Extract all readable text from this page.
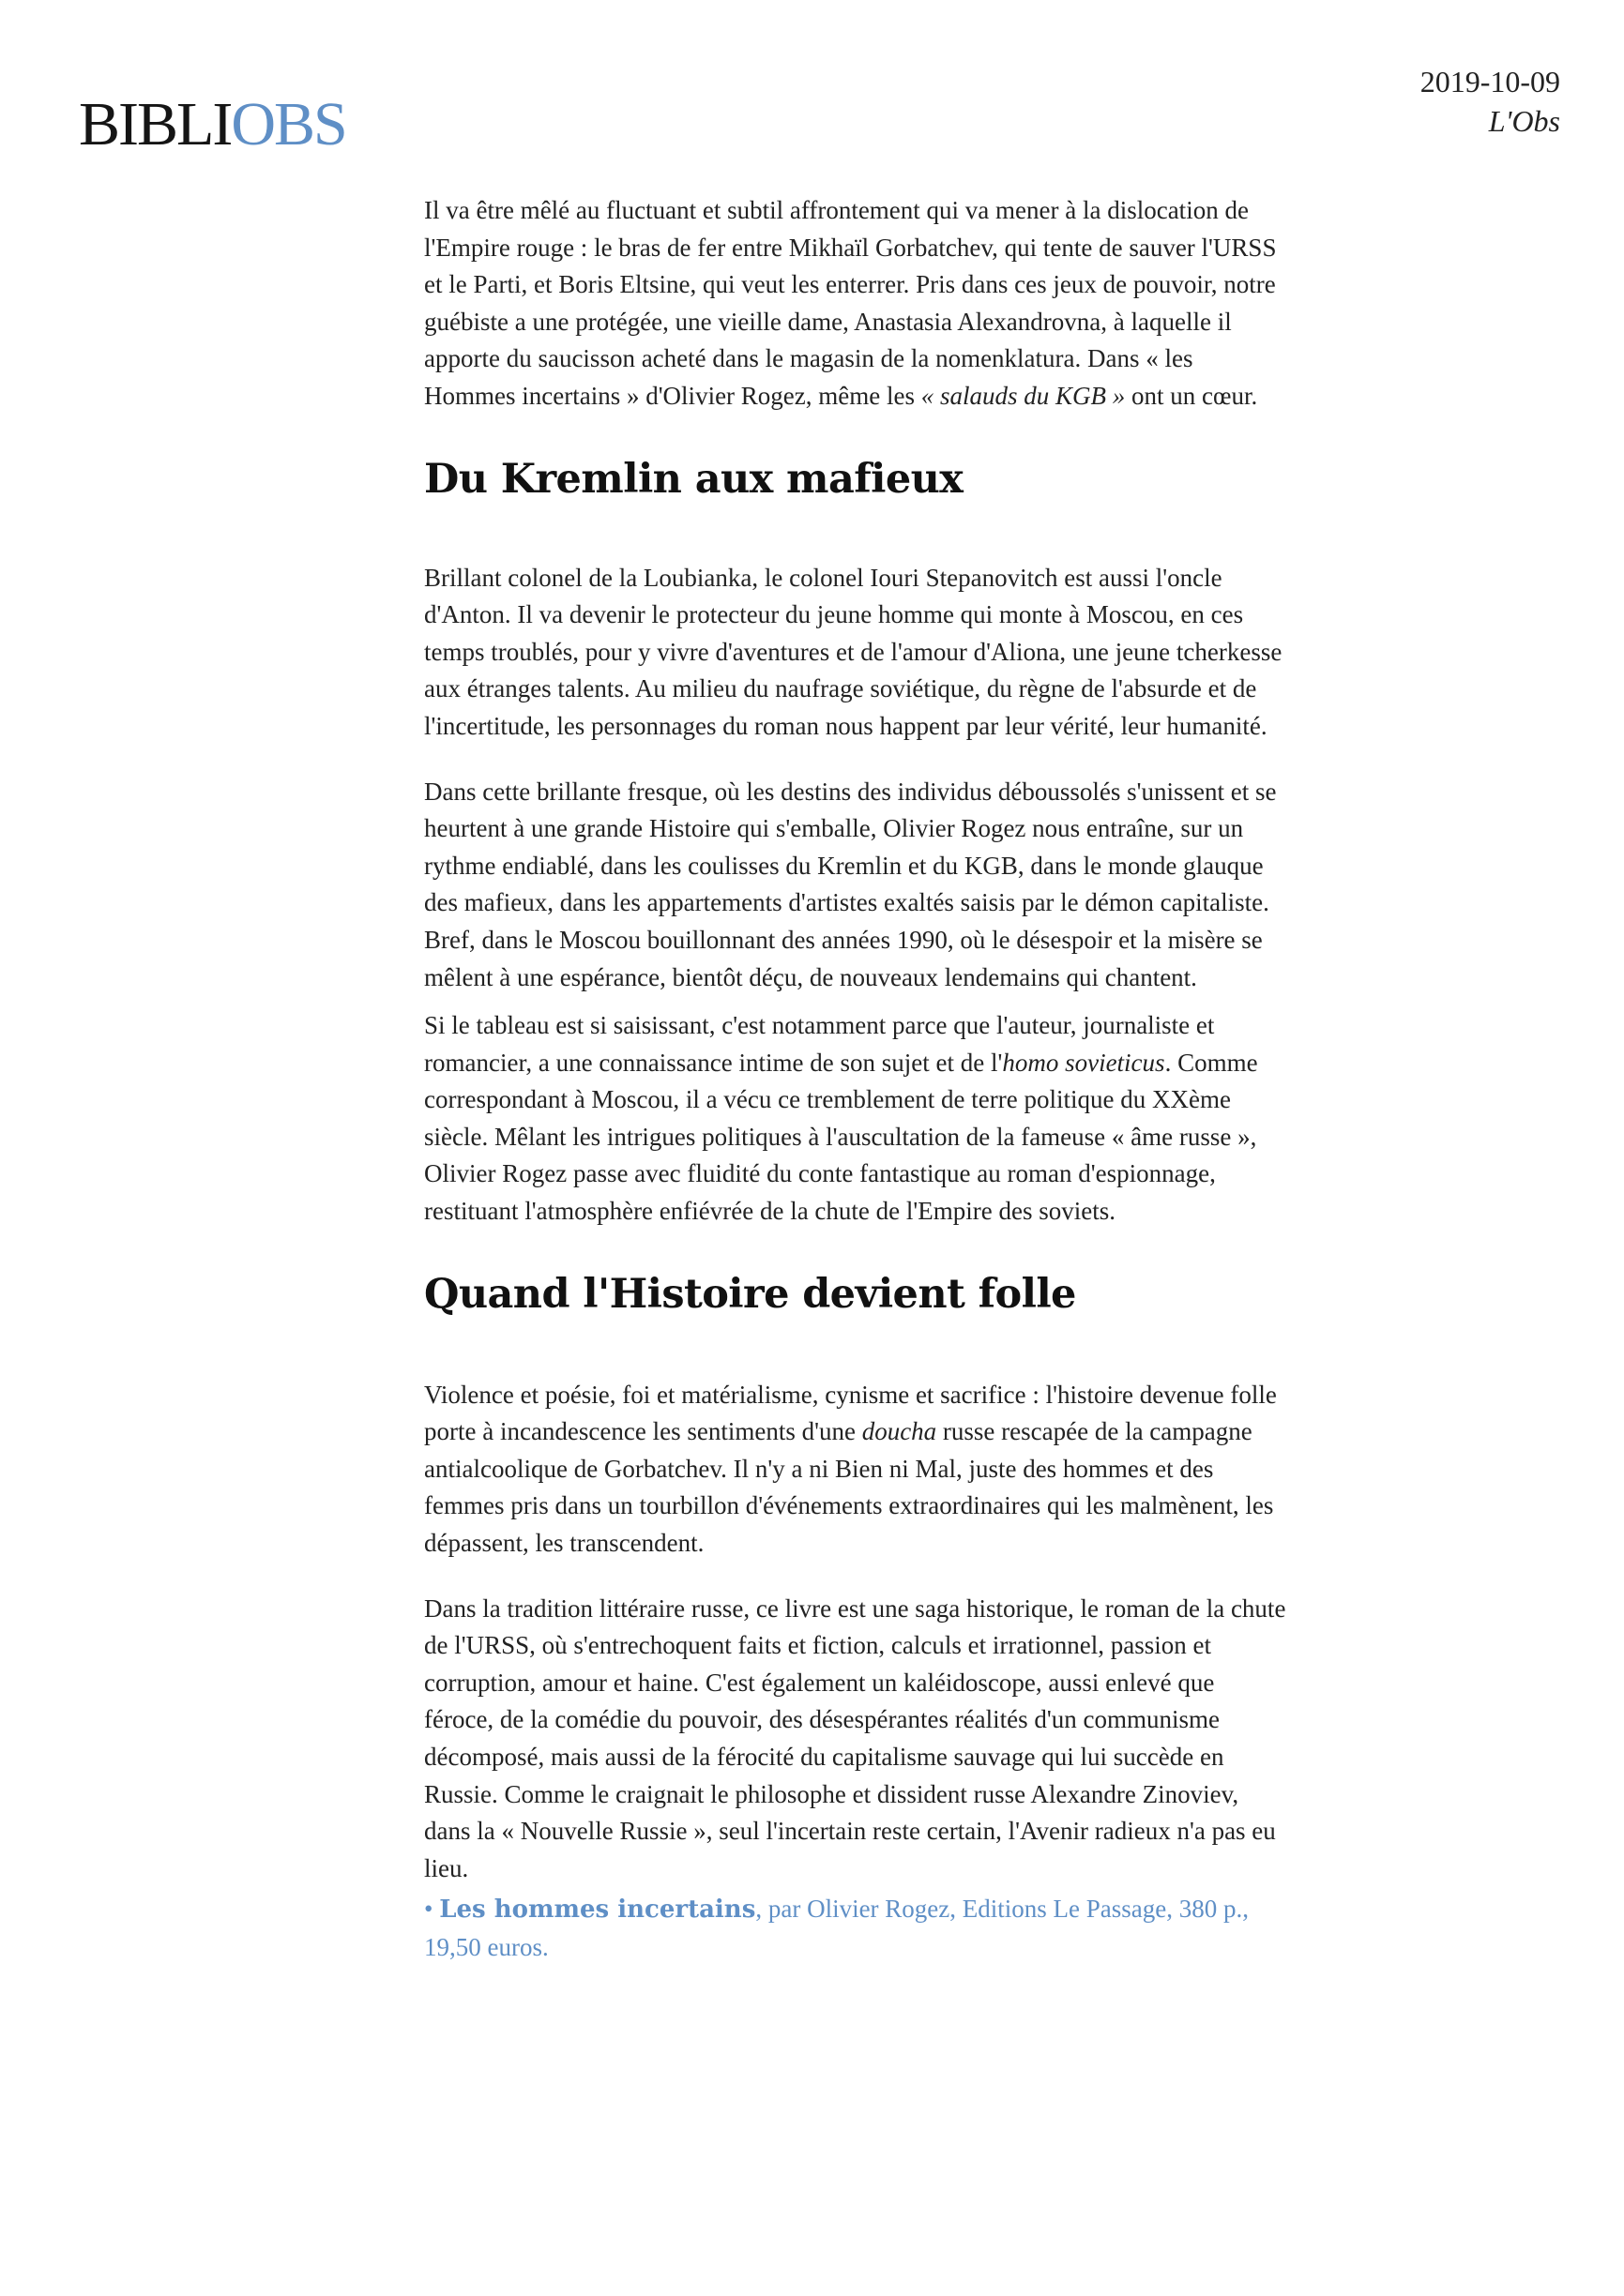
BIBLIOBS
2019-10-09
L'Obs

Il va être mêlé au fluctuant et subtil affrontement qui va mener à la dislocation de l'Empire rouge : le bras de fer entre Mikhaïl Gorbatchev, qui tente de sauver l'URSS et le Parti, et Boris Eltsine, qui veut les enterrer. Pris dans ces jeux de pouvoir, notre guébiste a une protégée, une vieille dame, Anastasia Alexandrovna, à laquelle il apporte du saucisson acheté dans le magasin de la nomenklatura. Dans « les Hommes incertains » d'Olivier Rogez, même les « salauds du KGB » ont un cœur.

Du Kremlin aux mafieux

Brillant colonel de la Loubianka, le colonel Iouri Stepanovitch est aussi l'oncle d'Anton. Il va devenir le protecteur du jeune homme qui monte à Moscou, en ces temps troublés, pour y vivre d'aventures et de l'amour d'Aliona, une jeune tcherkesse aux étranges talents. Au milieu du naufrage soviétique, du règne de l'absurde et de l'incertitude, les personnages du roman nous happent par leur vérité, leur humanité.

Dans cette brillante fresque, où les destins des individus déboussolés s'unissent et se heurtent à une grande Histoire qui s'emballe, Olivier Rogez nous entraîne, sur un rythme endiablé, dans les coulisses du Kremlin et du KGB, dans le monde glauque des mafieux, dans les appartements d'artistes exaltés saisis par le démon capitaliste. Bref, dans le Moscou bouillonnant des années 1990, où le désespoir et la misère se mêlent à une espérance, bientôt déçu, de nouveaux lendemains qui chantent.

Si le tableau est si saisissant, c'est notamment parce que l'auteur, journaliste et romancier, a une connaissance intime de son sujet et de l'homo sovieticus. Comme correspondant à Moscou, il a vécu ce tremblement de terre politique du XXème siècle. Mêlant les intrigues politiques à l'auscultation de la fameuse « âme russe », Olivier Rogez passe avec fluidité du conte fantastique au roman d'espionnage, restituant l'atmosphère enfiévrée de la chute de l'Empire des soviets.

Quand l'Histoire devient folle

Violence et poésie, foi et matérialisme, cynisme et sacrifice : l'histoire devenue folle porte à incandescence les sentiments d'une doucha russe rescapée de la campagne antialcoolique de Gorbatchev. Il n'y a ni Bien ni Mal, juste des hommes et des femmes pris dans un tourbillon d'événements extraordinaires qui les malmènent, les dépassent, les transcendent.

Dans la tradition littéraire russe, ce livre est une saga historique, le roman de la chute de l'URSS, où s'entrechoquent faits et fiction, calculs et irrationnel, passion et corruption, amour et haine. C'est également un kaléidoscope, aussi enlevé que féroce, de la comédie du pouvoir, des désespérantes réalités d'un communisme décomposé, mais aussi de la férocité du capitalisme sauvage qui lui succède en Russie. Comme le craignait le philosophe et dissident russe Alexandre Zinoviev, dans la « Nouvelle Russie », seul l'incertain reste certain, l'Avenir radieux n'a pas eu lieu.

• Les hommes incertains, par Olivier Rogez, Editions Le Passage, 380 p., 19,50 euros.
